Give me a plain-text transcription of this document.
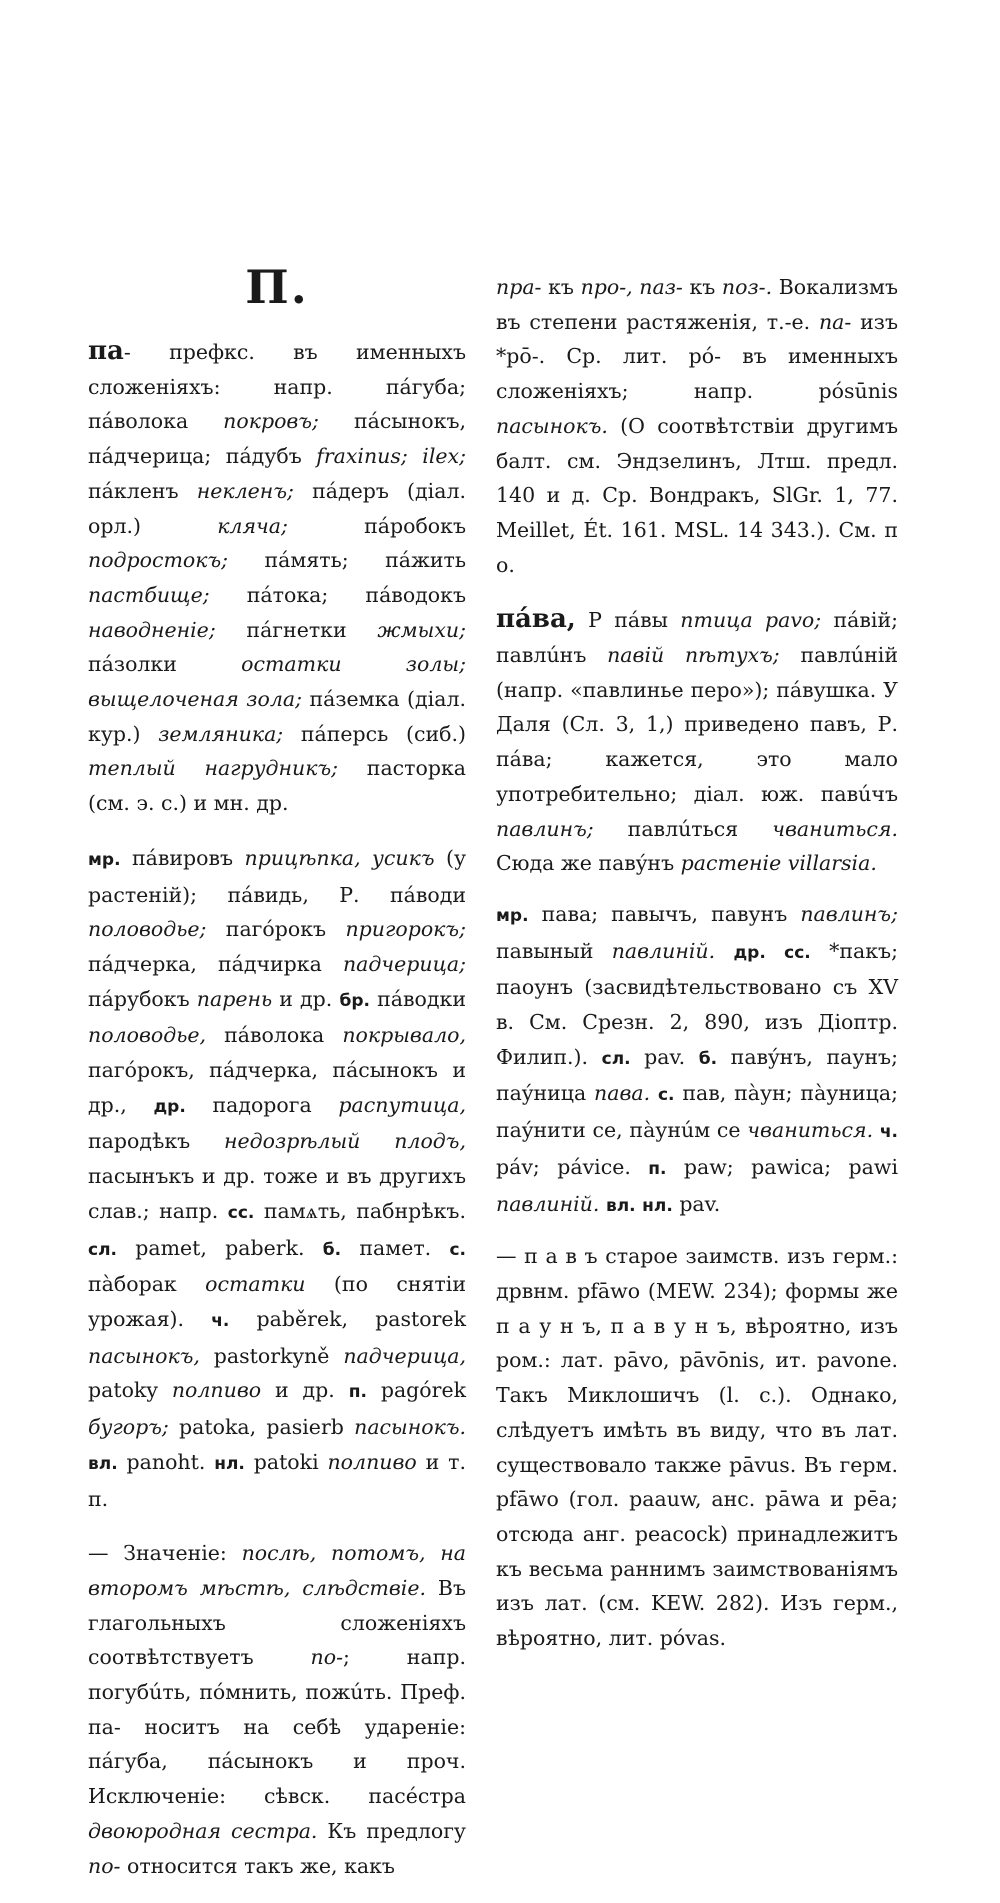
П.

па- префкс. въ именныхъ сложеніяхъ: напр. пáгуба; пáволока покровъ; пáсынокъ, пáдчерица; пáдубъ fraxinus; ilex; пáкленъ некленъ; пáдеръ (діал. орл.) кляча; пáробокъ подростокъ; пáмять; пáжить пастбище; пáтока; пáводокъ наводненіе; пáгнетки жмыхи; пáзолки остатки золы; выщелоченая зола; пáземка (діал. кур.) земляника; пáперсь (сиб.) теплый нагрудникъ; пасторка (см. э. с.) и мн. др.

мр. пáвировъ прицѣпка, усикъ (у растеній); пáвидь, Р. пáводи половодье; пагóрокъ пригорокъ; пáдчерка, пáдчирка падчерица; пáрубокъ парень и др. бр. пáводки половодье, пáволока покрывало, пагóрокъ, пáдчерка, пáсынокъ и др., др. падорога распутица, пародѣкъ недозрѣлый плодъ, пасынъкъ и др. тоже и въ другихъ слав.; напр. сс. памѧть, пабнрѣкъ. сл. pamet, paberk. б. памет. с. пàборак остатки (по снятіи урожая). ч. paběrek, pastorek пасынокъ, pastorkyně падчерица, patoky полпиво и др. п. pagórek бугоръ; patoka, pasierb пасынокъ. вл. panoht. нл. patoki полпиво и т. п.

— Значеніе: послѣ, потомъ, на второмъ мѣстѣ, слѣдствіе. Въ глагольныхъ сложеніяхъ соотвѣтствуетъ по-; напр. погубúть, пóмнить, пожúть. Преф. па- носитъ на себѣ удареніе: пáгуба, пáсынокъ и проч. Исключеніе: сѣвск. пасéстра двоюродная сестра. Къ предлогу по- относится такъ же, какъ

пра- къ про-, паз- къ поз-. Вокализмъ въ степени растяженія, т.-е. па- изъ *pō-. Ср. лит. pó- въ именныхъ сложеніяхъ; напр. pósūnis пасынокъ. (О соотвѣтствіи другимъ балт. см. Эндзелинъ, Лтш. предл. 140 и д. Ср. Вондракъ, SlGr. 1, 77. Meillet, Ét. 161. MSL. 14 343.). См. п о.

пáва, Р пáвы птица pavo; пáвій; павлúнъ павій пѣтухъ; павлúній (напр. «павлинье перо»); пáвушка. У Даля (Сл. 3, 1,) приведено павъ, Р. пáва; кажется, это мало употребительно; діал. юж. павúчъ павлинъ; павлúться чваниться. Сюда же павýнъ растеніе villarsia.

мр. пава; павычъ, павунъ павлинъ; павыный павлиній. др. сс. *пакъ; паоунъ (засвидѣтельствовано съ XV в. См. Срезн. 2, 890, изъ Діоптр. Филип.). сл. pav. б. павýнъ, паунъ; паýница пава. с. пав, пàун; пàуница; паýнити се, пàунúм се чваниться. ч. páv; pávice. п. paw; pawica; pawi павлиній. вл. нл. pav.

— п а в ъ старое заимств. изъ герм.: дрвнм. pfāwo (MEW. 234); формы же п а у н ъ, п а в у н ъ, вѣроятно, изъ ром.: лат. pāvo, pāvōnis, ит. pavone. Такъ Миклошичъ (l. c.). Однако, слѣдуетъ имѣть въ виду, что въ лат. существовало также pāvus. Въ герм. pfāwo (гол. paauw, анс. pāwa и pēa; отсюда анг. peacock) принадлежитъ къ весьма раннимъ заимствованіямъ изъ лат. (см. KEW. 282). Изъ герм., вѣроятно, лит. póvas.
